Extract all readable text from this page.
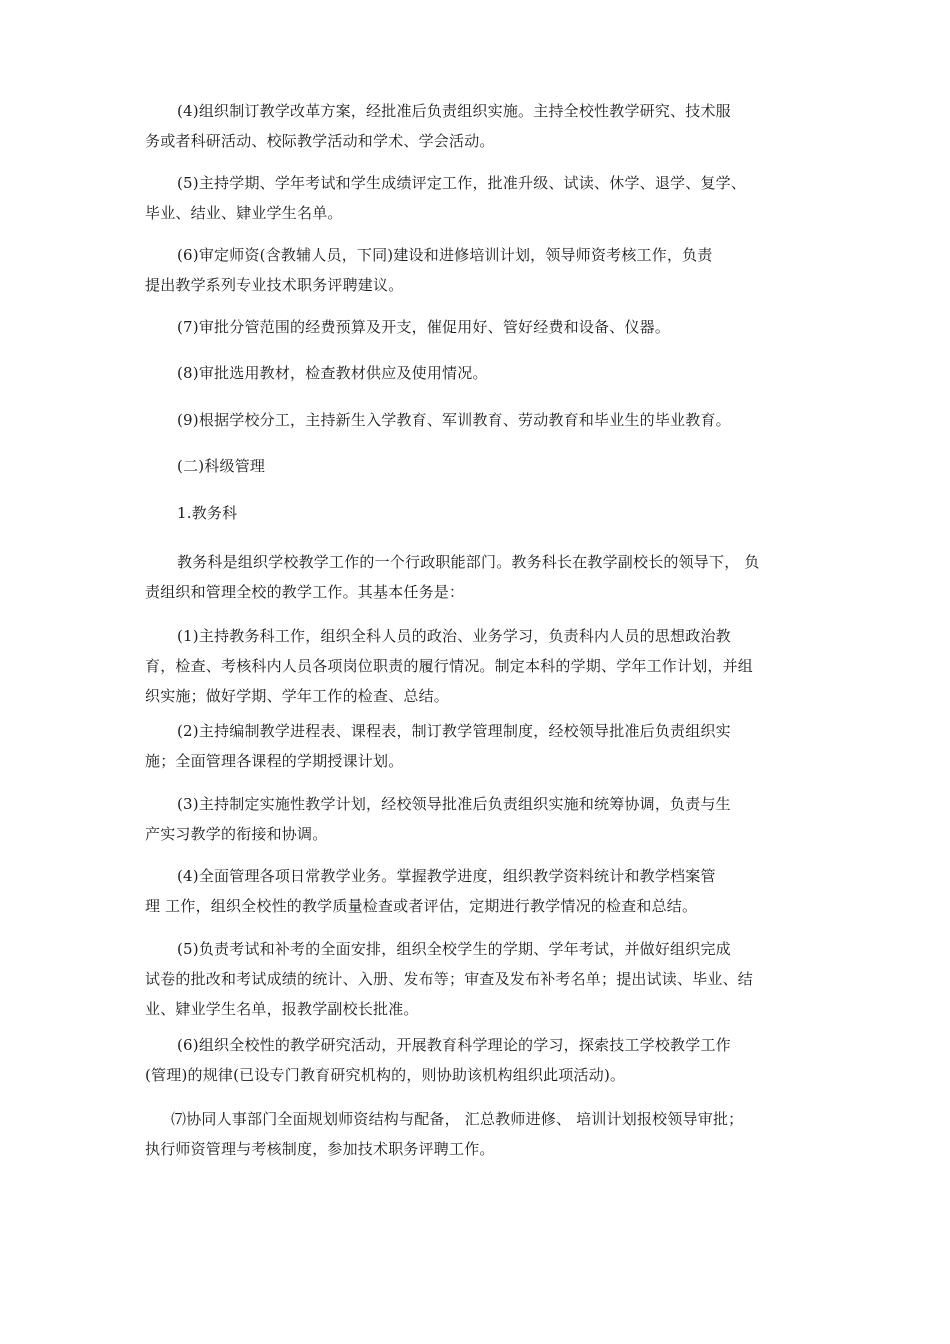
(4)组织制订教学改革方案，经批准后负责组织实施。主持全校性教学研究、技术服
务或者科研活动、校际教学活动和学术、学会活动。

(5)主持学期、学年考试和学生成绩评定工作，批准升级、试读、休学、退学、复学、
毕业、结业、肄业学生名单。

(6)审定师资(含教辅人员，下同)建设和进修培训计划，领导师资考核工作，负责
提出教学系列专业技术职务评聘建议。

(7)审批分管范围的经费预算及开支，催促用好、管好经费和设备、仪器。

(8)审批选用教材，检查教材供应及使用情况。

(9)根据学校分工，主持新生入学教育、军训教育、劳动教育和毕业生的毕业教育。

(二)科级管理

1.教务科

教务科是组织学校教学工作的一个行政职能部门。教务科长在教学副校长的领导下， 负
责组织和管理全校的教学工作。其基本任务是：

(1)主持教务科工作，组织全科人员的政治、业务学习，负责科内人员的思想政治教
育，检查、考核科内人员各项岗位职责的履行情况。制定本科的学期、学年工作计划，并组
织实施；做好学期、学年工作的检查、总结。

(2)主持编制教学进程表、课程表，制订教学管理制度，经校领导批准后负责组织实
施；全面管理各课程的学期授课计划。

(3)主持制定实施性教学计划，经校领导批准后负责组织实施和统筹协调，负责与生
产实习教学的衔接和协调。

(4)全面管理各项日常教学业务。掌握教学进度，组织教学资料统计和教学档案管
理 工作，组织全校性的教学质量检查或者评估，定期进行教学情况的检查和总结。

(5)负责考试和补考的全面安排，组织全校学生的学期、学年考试，并做好组织完成
试卷的批改和考试成绩的统计、入册、发布等；审查及发布补考名单；提出试读、毕业、结
业、肄业学生名单，报教学副校长批准。

(6)组织全校性的教学研究活动，开展教育科学理论的学习，探索技工学校教学工作
(管理)的规律(已设专门教育研究机构的，则协助该机构组织此项活动)。

⑺协同人事部门全面规划师资结构与配备， 汇总教师进修、 培训计划报校领导审批；
执行师资管理与考核制度，参加技术职务评聘工作。
